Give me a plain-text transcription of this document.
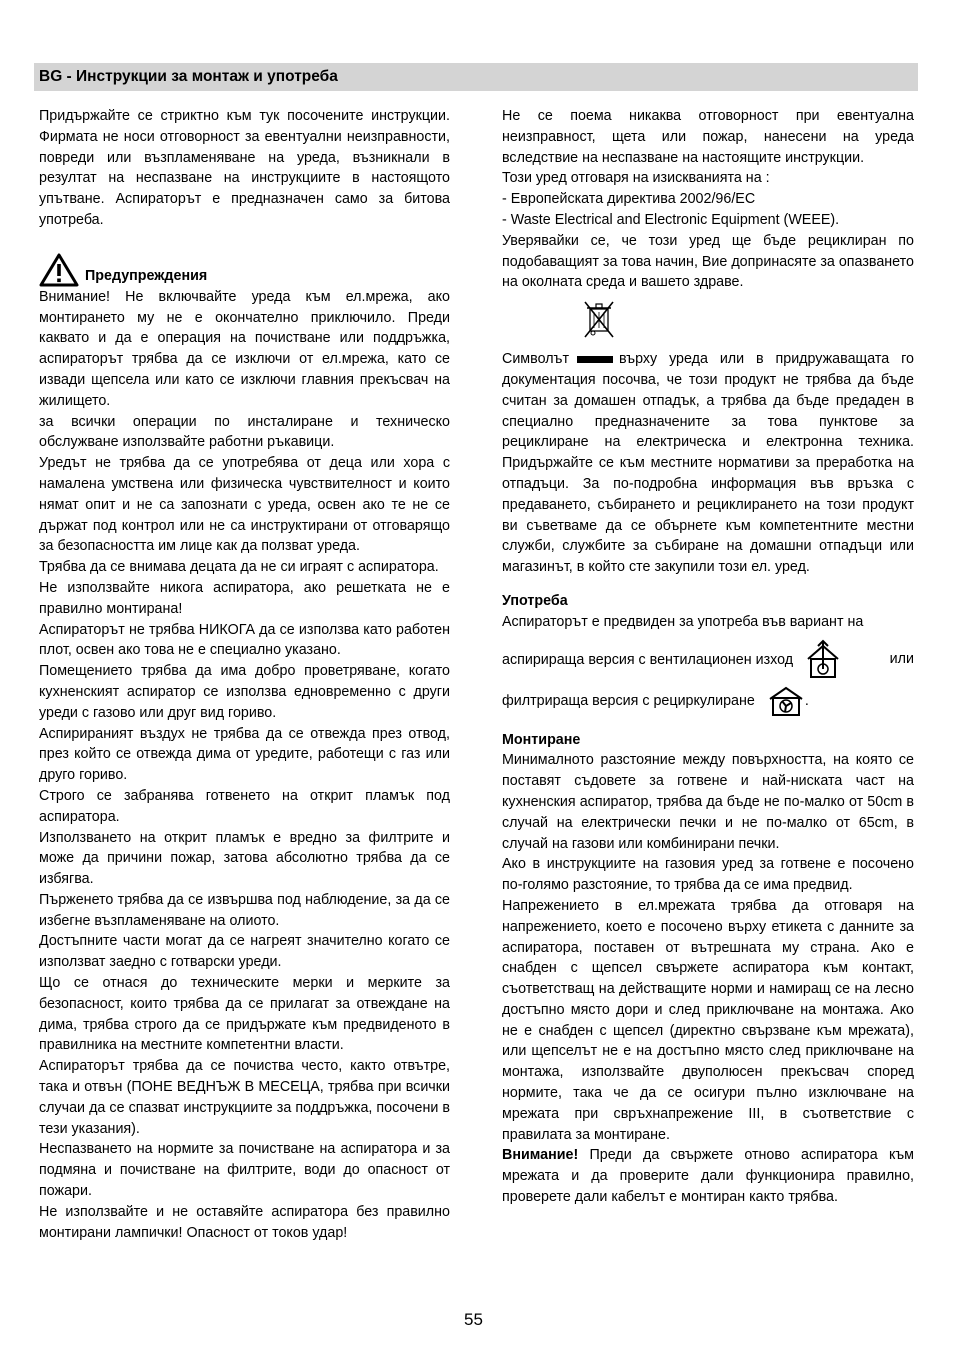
BG - Инструкции за монтаж и употреба

Придържайте се стриктно към тук посочените инструкции. Фирмата не носи отговорност за евентуални неизправности, повреди или възпламеняване на уреда, възникнали в резултат на неспазване на инструкциите в настоящото упътване. Аспираторът е предназначен само за битова употреба.

Предупреждения

Внимание! Не включвайте уреда към ел.мрежа, ако монтирането му не е окончателно приключило. Преди каквато и да е операция на почистване или поддръжка, аспираторът трябва да се изключи от ел.мрежа, като се извади щепсела или като се изключи главния прекъсвач на жилището.

за всички операции по инсталиране и техническо обслужване използвайте работни ръкавици.

Уредът не трябва да се употребява от деца или хора с намалена умствена или физическа чувствителност и които нямат опит и не са запознати с уреда, освен ако те не се държат под контрол или не са инструктирани от отговарящо за безопасността им лице как да ползват уреда.

Трябва да се внимава децата да не си играят с аспиратора.

Не използвайте никога аспиратора, ако решетката не е правилно монтирана!

Аспираторът не трябва НИКОГА да се използва като работен плот, освен ако това не е специално указано.

Помещението трябва да има добро проветряване, когато кухненският аспиратор се използва едновременно с други уреди с газово или друг вид гориво.

Аспирираният въздух не трябва да се отвежда през отвод, през който се отвежда дима от уредите, работещи с газ или друго гориво.

Строго се забранява готвенето на открит пламък под аспиратора.

Използването на открит пламък е вредно за филтрите и може да причини пожар, затова абсолютно трябва да се избягва.

Пърженето трябва да се извършва под наблюдение, за да се избегне възпламеняване на олиото.

Достъпните части могат да се нагреят значително когато се използват заедно с готварски уреди.

Що се отнася до техническите мерки и мерките за безопасност, които трябва да се прилагат за отвеждане на дима, трябва строго да се придържате към предвиденото в правилника на местните компетентни власти.

Аспираторът трябва да се почиства често, както отвътре, така и отвън (ПОНЕ ВЕДНЪЖ В МЕСЕЦА, трябва при всички случаи да се спазват инструкциите за поддръжка, посочени в тези указания).

Неспазването на нормите за почистване на аспиратора и за подмяна и почистване на филтрите, води до опасност от пожари.

Не използвайте и не оставяйте аспиратора без правилно монтирани лампички! Опасност от токов удар!

Не се поема никаква отговорност при евентуална неизправност, щета или пожар, нанесени на уреда вследствие на неспазване на настоящите инструкции.

Този уред отговаря на изискванията на :

- Европейската директива 2002/96/ЕС

- Waste Electrical and Electronic Equipment (WEEE).

Уверявайки се, че този уред ще бъде рециклиран по подобаващият за това начин, Вие допринасяте за опазването на околната среда и вашето здраве.

Символът	върху уреда или в придружаващата го документация посочва, че този продукт не трябва да бъде считан за домашен отпадък, а трябва да бъде предаден в специално предназначените за това пунктове за рециклиране на електрическа и електронна техника. Придържайте се към местните нормативи за преработка на отпадъци. За по-подробна информация във връзка с предаването, събирането и рециклирането на този продукт ви съветваме да се обърнете към компетентните местни служби, службите за събиране на домашни отпадъци или магазинът, в който сте закупили този ел. уред.

Употреба

Аспираторът е предвиден за употреба във вариант на

аспирираща версия с вентилационен изход	или

филтрираща версия с рециркулиране	.

Монтиране

Минималното разстояние между повърхността, на която се поставят съдовете за готвене и най-ниската част на кухненския аспиратор, трябва да бъде не по-малко от 50cm в случай на електрически печки и не по-малко от 65cm, в случай на газови или комбинирани печки.

Ако в инструкциите на газовия уред за готвене е посочено по-голямо разстояние, то трябва да се има предвид.

Напрежението в ел.мрежата трябва да отговаря на напрежението, което е посочено върху етикета с данните за аспиратора, поставен от вътрешната му страна. Ако е снабден с щепсел свържете аспиратора към контакт, съответстващ на действащите норми и намиращ се на лесно достъпно място дори и след приключване на монтажа. Ако не е снабден с щепсел (директно свързване към мрежата), или щепселът не е на достъпно място след приключване на монтажа, използвайте двуполюсен прекъсвач според нормите, така че да се осигури пълно изключване на мрежата при свръхнапрежение III, в съответствие с правилата за монтиране.

Внимание! Преди да свържете отново аспиратора към мрежата и да проверите дали функционира правилно, проверете дали кабелът е монтиран както трябва.

55
